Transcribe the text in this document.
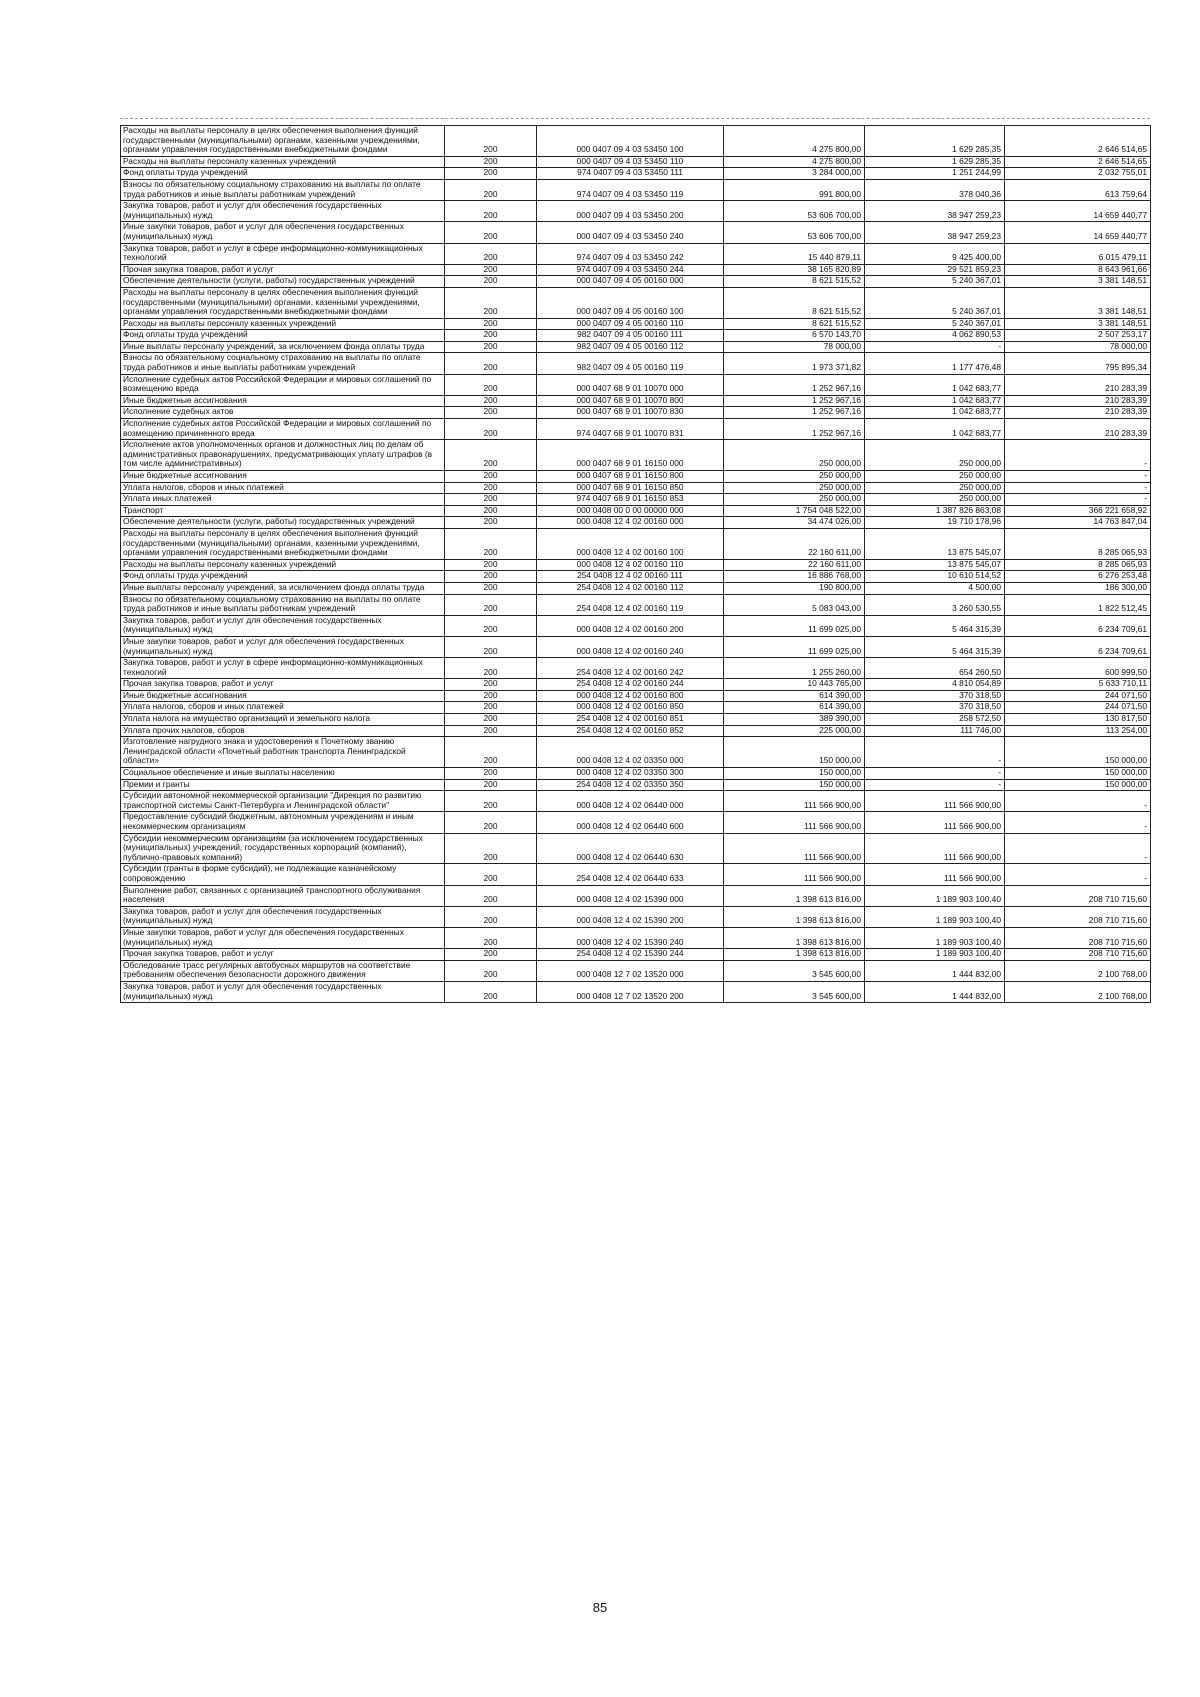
Расходы на выплаты персоналу в целях обеспечения выполнения функций государственными (муниципальными) органами, казенными учреждениями, органами управления государственными внебюджетными фондами	200	000 0407 09 4 03 53450 100	4 275 800,00	1 629 285,35	2 646 514,65
Расходы на выплаты персоналу казенных учреждений	200	000 0407 09 4 03 53450 110	4 275 800,00	1 629 285,35	2 646 514,65
Фонд оплаты труда учреждений	200	974 0407 09 4 03 53450 111	3 284 000,00	1 251 244,99	2 032 755,01
Взносы по обязательному социальному страхованию на выплаты по оплате труда работников и иные выплаты работникам учреждений	200	974 0407 09 4 03 53450 119	991 800,00	378 040,36	613 759,64
Закупка товаров, работ и услуг для обеспечения государственных (муниципальных) нужд	200	000 0407 09 4 03 53450 200	53 606 700,00	38 947 259,23	14 659 440,77
Иные закупки товаров, работ и услуг для обеспечения государственных (муниципальных) нужд	200	000 0407 09 4 03 53450 240	53 606 700,00	38 947 259,23	14 659 440,77
Закупка товаров, работ и услуг в сфере информационно-коммуникационных технологий	200	974 0407 09 4 03 53450 242	15 440 879,11	9 425 400,00	6 015 479,11
Прочая закупка товаров, работ и услуг	200	974 0407 09 4 03 53450 244	38 165 820,89	29 521 859,23	8 643 961,66
Обеспечение деятельности (услуги, работы) государственных учреждений	200	000 0407 09 4 05 00160 000	8 621 515,52	5 240 367,01	3 381 148,51
Расходы на выплаты персоналу в целях обеспечения выполнения функций государственными (муниципальными) органами, казенными учреждениями, органами управления государственными внебюджетными фондами	200	000 0407 09 4 05 00160 100	8 621 515,52	5 240 367,01	3 381 148,51
Расходы на выплаты персоналу казенных учреждений	200	000 0407 09 4 05 00160 110	8 621 515,52	5 240 367,01	3 381 148,51
Фонд оплаты труда учреждений	200	982 0407 09 4 05 00160 111	6 570 143,70	4 062 890,53	2 507 253,17
Иные выплаты персоналу учреждений, за исключением фонда оплаты труда	200	982 0407 09 4 05 00160 112	78 000,00	-	78 000,00
Взносы по обязательному социальному страхованию на выплаты по оплате труда работников и иные выплаты работникам учреждений	200	982 0407 09 4 05 00160 119	1 973 371,82	1 177 476,48	795 895,34
Исполнение судебных актов Российской Федерации и мировых соглашений по возмещению вреда	200	000 0407 68 9 01 10070 000	1 252 967,16	1 042 683,77	210 283,39
Иные бюджетные ассигнования	200	000 0407 68 9 01 10070 800	1 252 967,16	1 042 683,77	210 283,39
Исполнение судебных актов	200	000 0407 68 9 01 10070 830	1 252 967,16	1 042 683,77	210 283,39
Исполнение судебных актов Российской Федерации и мировых соглашений по возмещению причиненного вреда	200	974 0407 68 9 01 10070 831	1 252 967,16	1 042 683,77	210 283,39
Исполнение актов уполномоченных органов и должностных лиц по делам об административных правонарушениях, предусматривающих уплату штрафов (в том числе административных)	200	000 0407 68 9 01 16150 000	250 000,00	250 000,00	-
Иные бюджетные ассигнования	200	000 0407 68 9 01 16150 800	250 000,00	250 000,00	-
Уплата налогов, сборов и иных платежей	200	000 0407 68 9 01 16150 850	250 000,00	250 000,00	-
Уплата иных платежей	200	974 0407 68 9 01 16150 853	250 000,00	250 000,00	-
Транспорт	200	000 0408 00 0 00 00000 000	1 754 048 522,00	1 387 826 863,08	366 221 658,92
Обеспечение деятельности (услуги, работы) государственных учреждений	200	000 0408 12 4 02 00160 000	34 474 026,00	19 710 178,96	14 763 847,04
Расходы на выплаты персоналу в целях обеспечения выполнения функций государственными (муниципальными) органами, казенными учреждениями, органами управления государственными внебюджетными фондами	200	000 0408 12 4 02 00160 100	22 160 611,00	13 875 545,07	8 285 065,93
Расходы на выплаты персоналу казенных учреждений	200	000 0408 12 4 02 00160 110	22 160 611,00	13 875 545,07	8 285 065,93
Фонд оплаты труда учреждений	200	254 0408 12 4 02 00160 111	16 886 768,00	10 610 514,52	6 276 253,48
Иные выплаты персоналу учреждений, за исключением фонда оплаты труда	200	254 0408 12 4 02 00160 112	190 800,00	4 500,00	186 300,00
Взносы по обязательному социальному страхованию на выплаты по оплате труда работников и иные выплаты работникам учреждений	200	254 0408 12 4 02 00160 119	5 083 043,00	3 260 530,55	1 822 512,45
Закупка товаров, работ и услуг для обеспечения государственных (муниципальных) нужд	200	000 0408 12 4 02 00160 200	11 699 025,00	5 464 315,39	6 234 709,61
Иные закупки товаров, работ и услуг для обеспечения государственных (муниципальных) нужд	200	000 0408 12 4 02 00160 240	11 699 025,00	5 464 315,39	6 234 709,61
Закупка товаров, работ и услуг в сфере информационно-коммуникационных технологий	200	254 0408 12 4 02 00160 242	1 255 260,00	654 260,50	600 999,50
Прочая закупка товаров, работ и услуг	200	254 0408 12 4 02 00160 244	10 443 765,00	4 810 054,89	5 633 710,11
Иные бюджетные ассигнования	200	000 0408 12 4 02 00160 800	614 390,00	370 318,50	244 071,50
Уплата налогов, сборов и иных платежей	200	000 0408 12 4 02 00160 850	614 390,00	370 318,50	244 071,50
Уплата налога на имущество организаций и земельного налога	200	254 0408 12 4 02 00160 851	389 390,00	258 572,50	130 817,50
Уплата прочих налогов, сборов	200	254 0408 12 4 02 00160 852	225 000,00	111 746,00	113 254,00
Изготовление нагрудного знака и удостоверения к Почетному званию Ленинградской области «Почетный работник транспорта Ленинградской области»	200	000 0408 12 4 02 03350 000	150 000,00	-	150 000,00
Социальное обеспечение и иные выплаты населению	200	000 0408 12 4 02 03350 300	150 000,00	-	150 000,00
Премии и гранты	200	254 0408 12 4 02 03350 350	150 000,00	-	150 000,00
Субсидии автономной некоммерческой организации "Дирекция по развитию транспортной системы Санкт-Петербурга и Ленинградской области"	200	000 0408 12 4 02 06440 000	111 566 900,00	111 566 900,00	-
Предоставление субсидий бюджетным, автономным учреждениям и иным некоммерческим организациям	200	000 0408 12 4 02 06440 600	111 566 900,00	111 566 900,00	-
Субсидии некоммерческим организациям (за исключением государственных (муниципальных) учреждений, государственных корпораций (компаний), публично-правовых компаний)	200	000 0408 12 4 02 06440 630	111 566 900,00	111 566 900,00	-
Субсидии (гранты в форме субсидий), не подлежащие казначейскому сопровождению	200	254 0408 12 4 02 06440 633	111 566 900,00	111 566 900,00	-
Выполнение работ, связанных с организацией транспортного обслуживания населения	200	000 0408 12 4 02 15390 000	1 398 613 816,00	1 189 903 100,40	208 710 715,60
Закупка товаров, работ и услуг для обеспечения государственных (муниципальных) нужд	200	000 0408 12 4 02 15390 200	1 398 613 816,00	1 189 903 100,40	208 710 715,60
Иные закупки товаров, работ и услуг для обеспечения государственных (муниципальных) нужд	200	000 0408 12 4 02 15390 240	1 398 613 816,00	1 189 903 100,40	208 710 715,60
Прочая закупка товаров, работ и услуг	200	254 0408 12 4 02 15390 244	1 398 613 816,00	1 189 903 100,40	208 710 715,60
Обследование трасс регулярных автобусных маршрутов на соответствие требованиям обеспечения безопасности дорожного движения	200	000 0408 12 7 02 13520 000	3 545 600,00	1 444 832,00	2 100 768,00
Закупка товаров, работ и услуг для обеспечения государственных (муниципальных) нужд	200	000 0408 12 7 02 13520 200	3 545 600,00	1 444 832,00	2 100 768,00
85
